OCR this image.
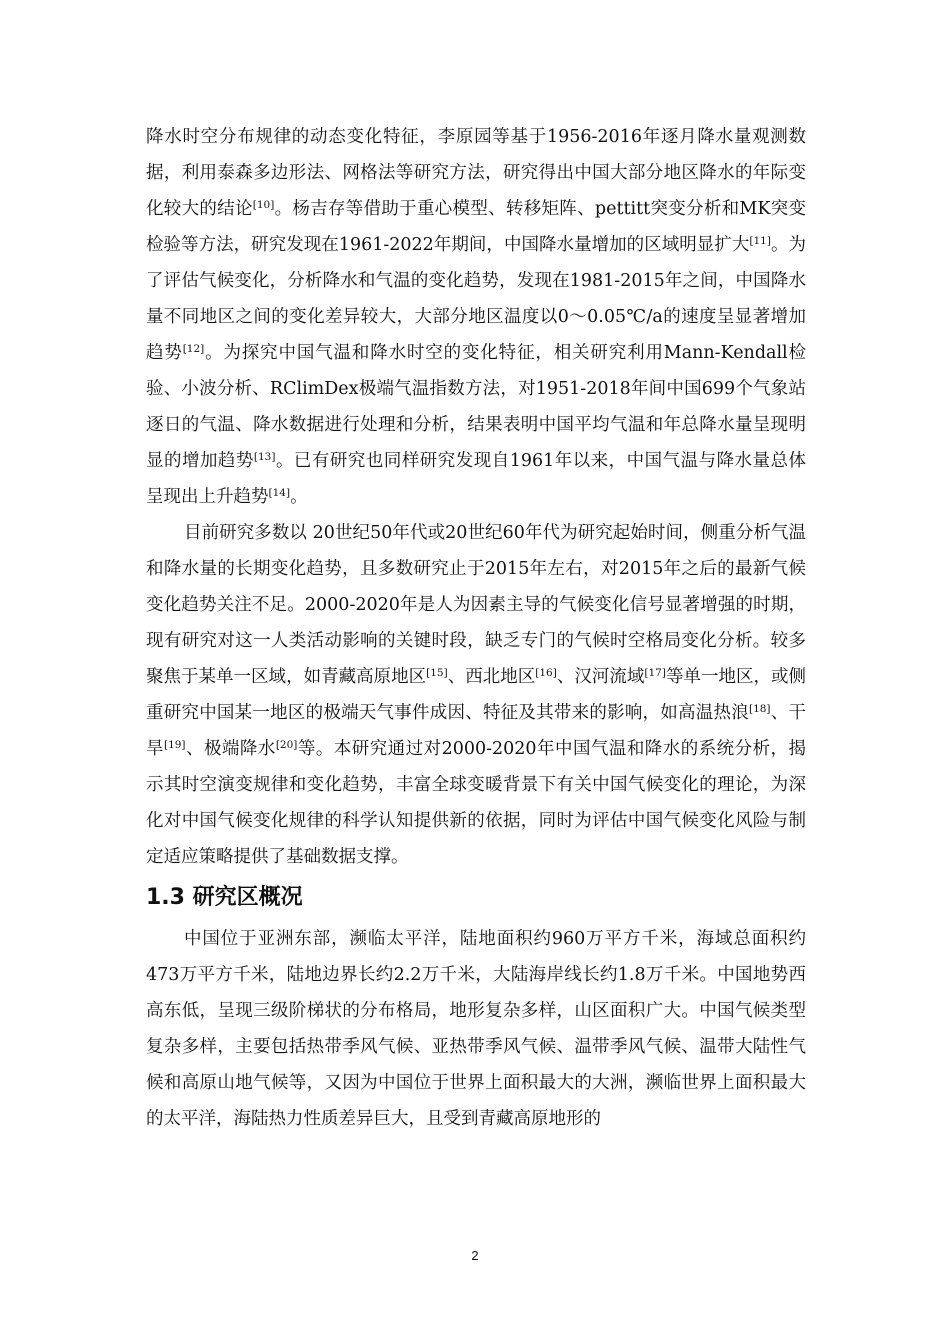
降水时空分布规律的动态变化特征，李原园等基于1956-2016年逐月降水量观测数据，利用泰森多边形法、网格法等研究方法，研究得出中国大部分地区降水的年际变化较大的结论[10]。杨吉存等借助于重心模型、转移矩阵、pettitt突变分析和MK突变检验等方法，研究发现在1961-2022年期间，中国降水量增加的区域明显扩大[11]。为了评估气候变化，分析降水和气温的变化趋势，发现在1981-2015年之间，中国降水量不同地区之间的变化差异较大，大部分地区温度以0～0.05℃/a的速度呈显著增加趋势[12]。为探究中国气温和降水时空的变化特征，相关研究利用Mann-Kendall检验、小波分析、RClimDex极端气温指数方法，对1951-2018年间中国699个气象站逐日的气温、降水数据进行处理和分析，结果表明中国平均气温和年总降水量呈现明显的增加趋势[13]。已有研究也同样研究发现自1961年以来，中国气温与降水量总体呈现出上升趋势[14]。

目前研究多数以 20世纪50年代或20世纪60年代为研究起始时间，侧重分析气温和降水量的长期变化趋势，且多数研究止于2015年左右，对2015年之后的最新气候变化趋势关注不足。2000-2020年是人为因素主导的气候变化信号显著增强的时期，现有研究对这一人类活动影响的关键时段，缺乏专门的气候时空格局变化分析。较多聚焦于某单一区域，如青藏高原地区[15]、西北地区[16]、汉河流域[17]等单一地区，或侧重研究中国某一地区的极端天气事件成因、特征及其带来的影响，如高温热浪[18]、干旱[19]、极端降水[20]等。本研究通过对2000-2020年中国气温和降水的系统分析，揭示其时空演变规律和变化趋势，丰富全球变暖背景下有关中国气候变化的理论，为深化对中国气候变化规律的科学认知提供新的依据，同时为评估中国气候变化风险与制定适应策略提供了基础数据支撑。

1.3 研究区概况

中国位于亚洲东部，濒临太平洋，陆地面积约960万平方千米，海域总面积约473万平方千米，陆地边界长约2.2万千米，大陆海岸线长约1.8万千米。中国地势西高东低，呈现三级阶梯状的分布格局，地形复杂多样，山区面积广大。中国气候类型复杂多样，主要包括热带季风气候、亚热带季风气候、温带季风气候、温带大陆性气候和高原山地气候等，又因为中国位于世界上面积最大的大洲，濒临世界上面积最大的太平洋，海陆热力性质差异巨大，且受到青藏高原地形的

2
